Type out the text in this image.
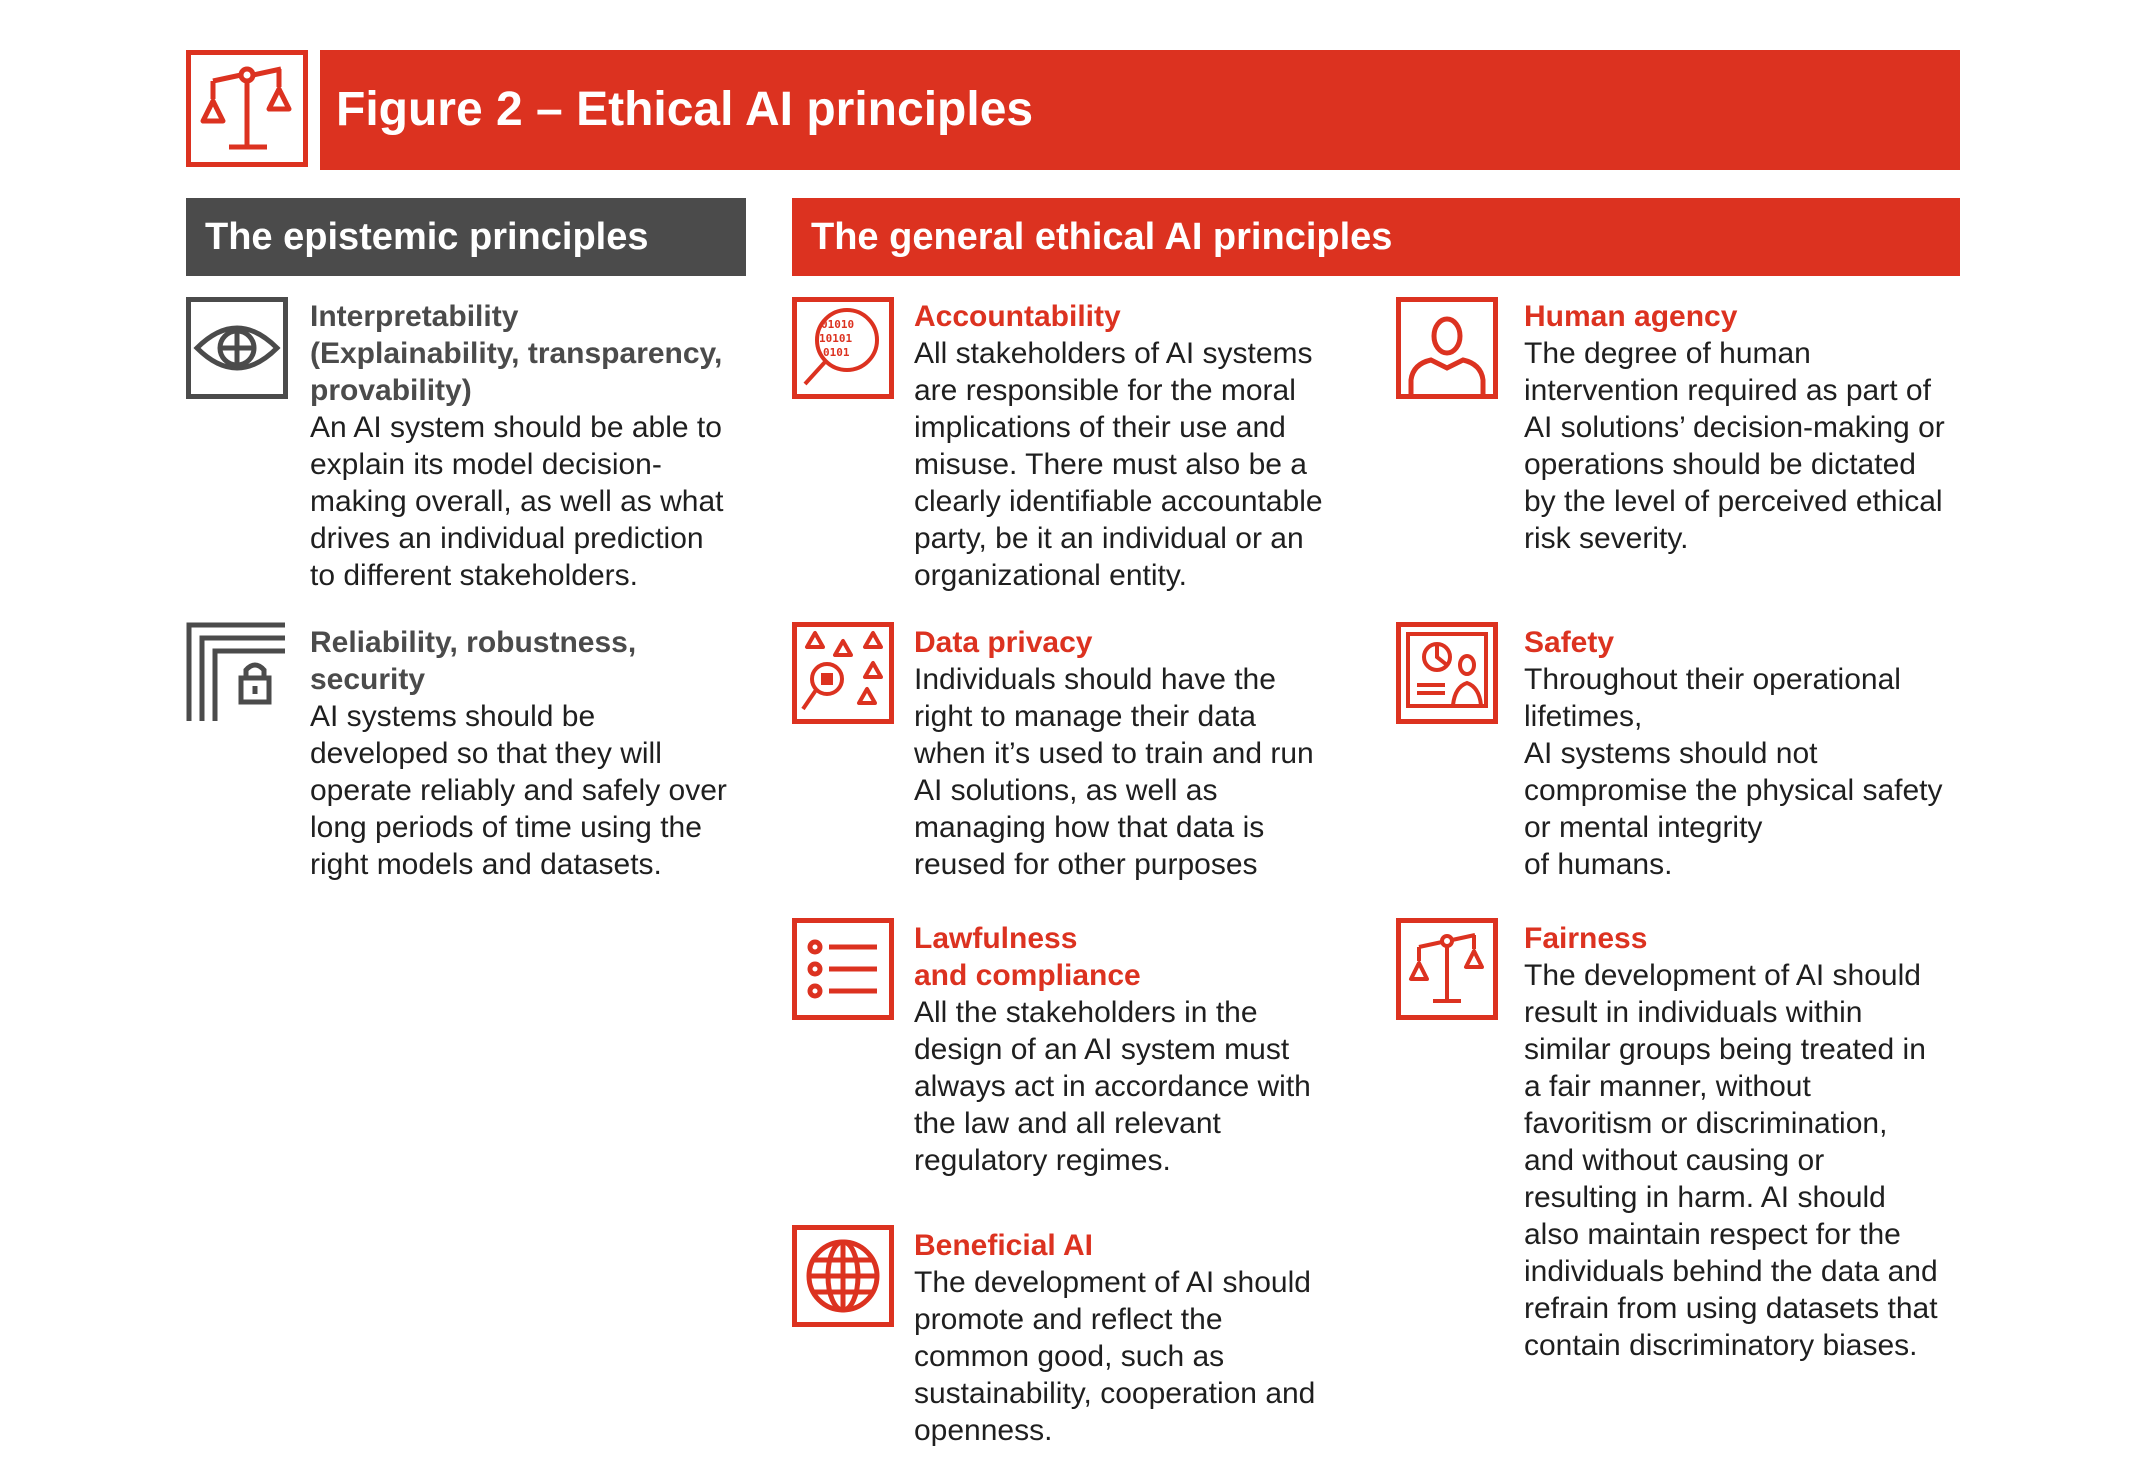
Figure 2 – Ethical AI principles
The epistemic principles	The general ethical AI principles
Interpretability
(Explainability, transparency,
provability)
An AI system should be able to
explain its model decision-
making overall, as well as what
drives an individual prediction
to different stakeholders.
Reliability, robustness,
security
AI systems should be
developed so that they will
operate reliably and safely over
long periods of time using the
right models and datasets.
01010
10101
0101
Accountability
All stakeholders of AI systems
are responsible for the moral
implications of their use and
misuse. There must also be a
clearly identifiable accountable
party, be it an individual or an
organizational entity.
Human agency
The degree of human
intervention required as part of
AI solutions’ decision-making or
operations should be dictated
by the level of perceived ethical
risk severity.
Data privacy
Individuals should have the
right to manage their data
when it’s used to train and run
AI solutions, as well as
managing how that data is
reused for other purposes
Safety
Throughout their operational
lifetimes,
AI systems should not
compromise the physical safety
or mental integrity
of humans.
Lawfulness
and compliance
All the stakeholders in the
design of an AI system must
always act in accordance with
the law and all relevant
regulatory regimes.
Fairness
The development of AI should
result in individuals within
similar groups being treated in
a fair manner, without
favoritism or discrimination,
and without causing or
resulting in harm. AI should
also maintain respect for the
individuals behind the data and
refrain from using datasets that
contain discriminatory biases.
Beneficial AI
The development of AI should
promote and reflect the
common good, such as
sustainability, cooperation and
openness.
